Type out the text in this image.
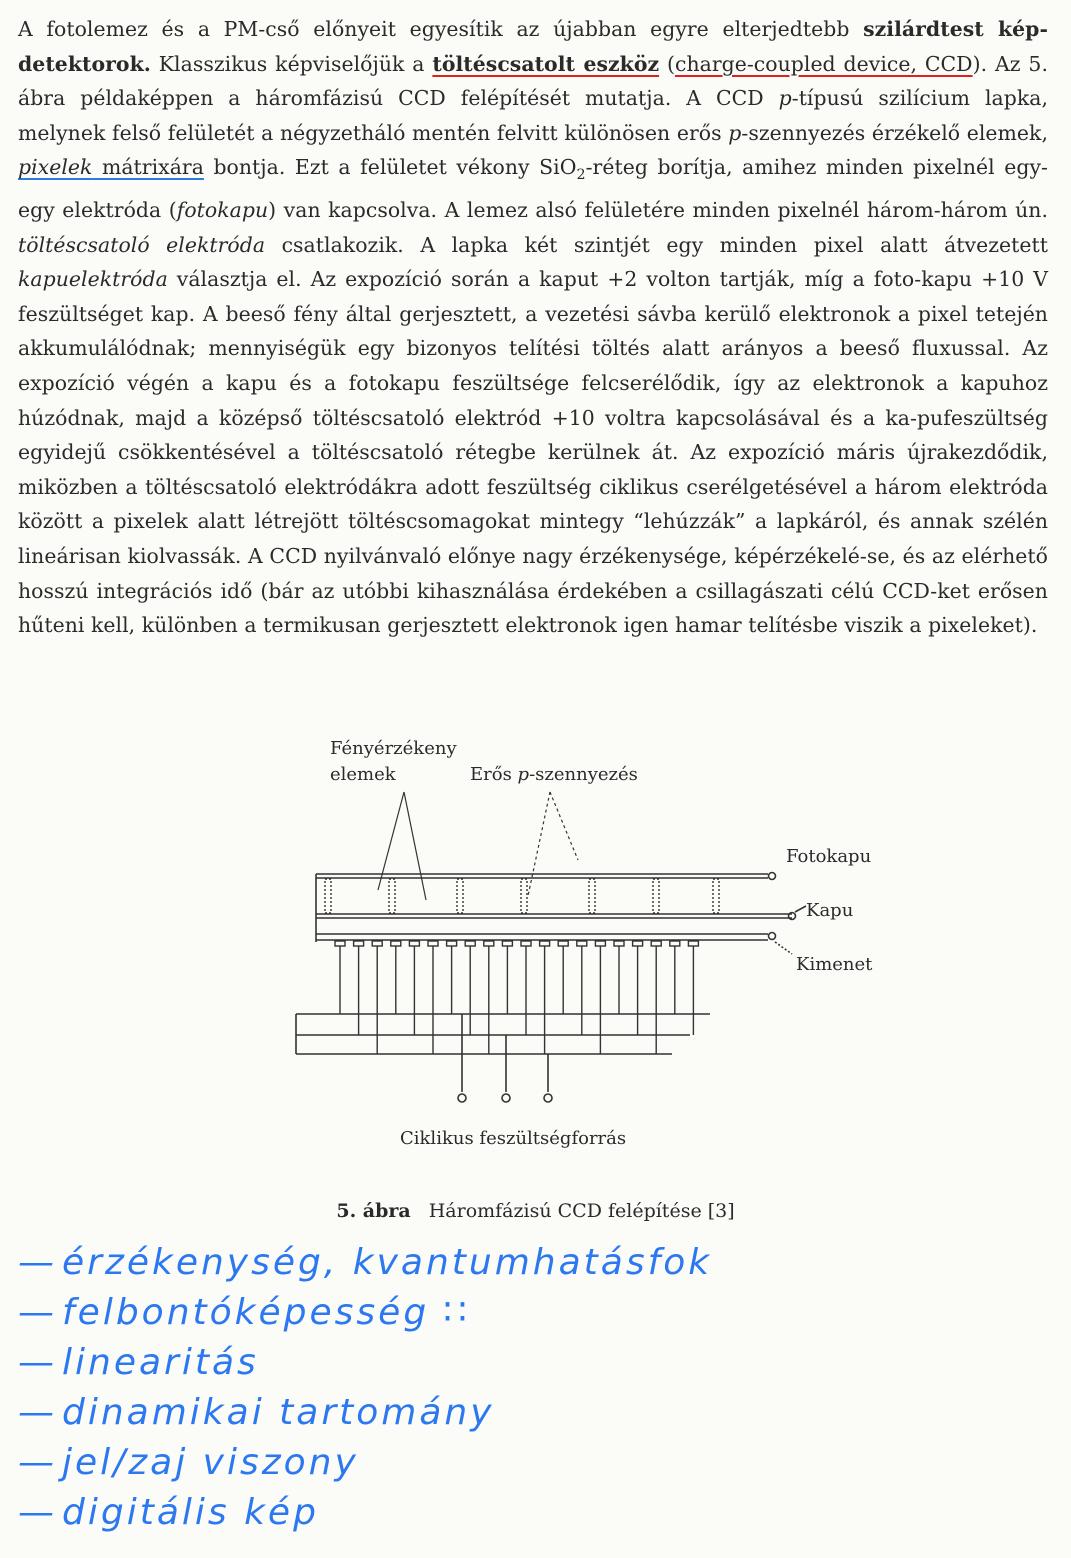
A fotolemez és a PM-cső előnyeit egyesítik az újabban egyre elterjedtebb szilárdtest kép-detektorok. Klasszikus képviselőjük a töltéscsatolt eszköz (charge-coupled device, CCD). Az 5. ábra példaképpen a háromfázisú CCD felépítését mutatja. A CCD p-típusú szilícium lapka, melynek felső felületét a négyzetháló mentén felvitt különösen erős p-szennyezés érzékelő elemek, pixelek mátrixára bontja. Ezt a felületet vékony SiO$_2$-réteg borítja, amihez minden pixelnél egy-egy elektróda (fotokapu) van kapcsolva. A lemez alsó felületére minden pixelnél három-három ún. töltéscsatoló elektróda csatlakozik. A lapka két szintjét egy minden pixel alatt átvezetett kapuelektróda választja el. Az expozíció során a kaput +2 volton tartják, míg a foto-kapu +10 V feszültséget kap. A beeső fény által gerjesztett, a vezetési sávba kerülő elektronok a pixel tetején akkumulálódnak; mennyiségük egy bizonyos telítési töltés alatt arányos a beeső fluxussal. Az expozíció végén a kapu és a fotokapu feszültsége felcserélődik, így az elektronok a kapuhoz húzódnak, majd a középső töltéscsatoló elektród +10 voltra kapcsolásával és a ka-pufeszültség egyidejű csökkentésével a töltéscsatoló rétegbe kerülnek át. Az expozíció máris újrakezdődik, miközben a töltéscsatoló elektródákra adott feszültség ciklikus cserélgetésével a három elektróda között a pixelek alatt létrejött töltéscsomagokat mintegy “lehúzzák” a lapkáról, és annak szélén lineárisan kiolvassák. A CCD nyilvánvaló előnye nagy érzékenysége, képérzékelé-se, és az elérhető hosszú integrációs idő (bár az utóbbi kihasználása érdekében a csillagászati célú CCD-ket erősen hűteni kell, különben a termikusan gerjesztett elektronok igen hamar telítésbe viszik a pixeleket).
Fényérzékeny
elemek	Erős p-szennyezés
Fotokapu
Kapu
Kimenet
Ciklikus feszültségforrás
5. ábra Háromfázisú CCD felépítése [3]
— érzékenység, kvantumhatásfok
— felbontóképesség ∷
— linearitás
— dinamikai tartomány
— jel/zaj viszony
— digitális kép
